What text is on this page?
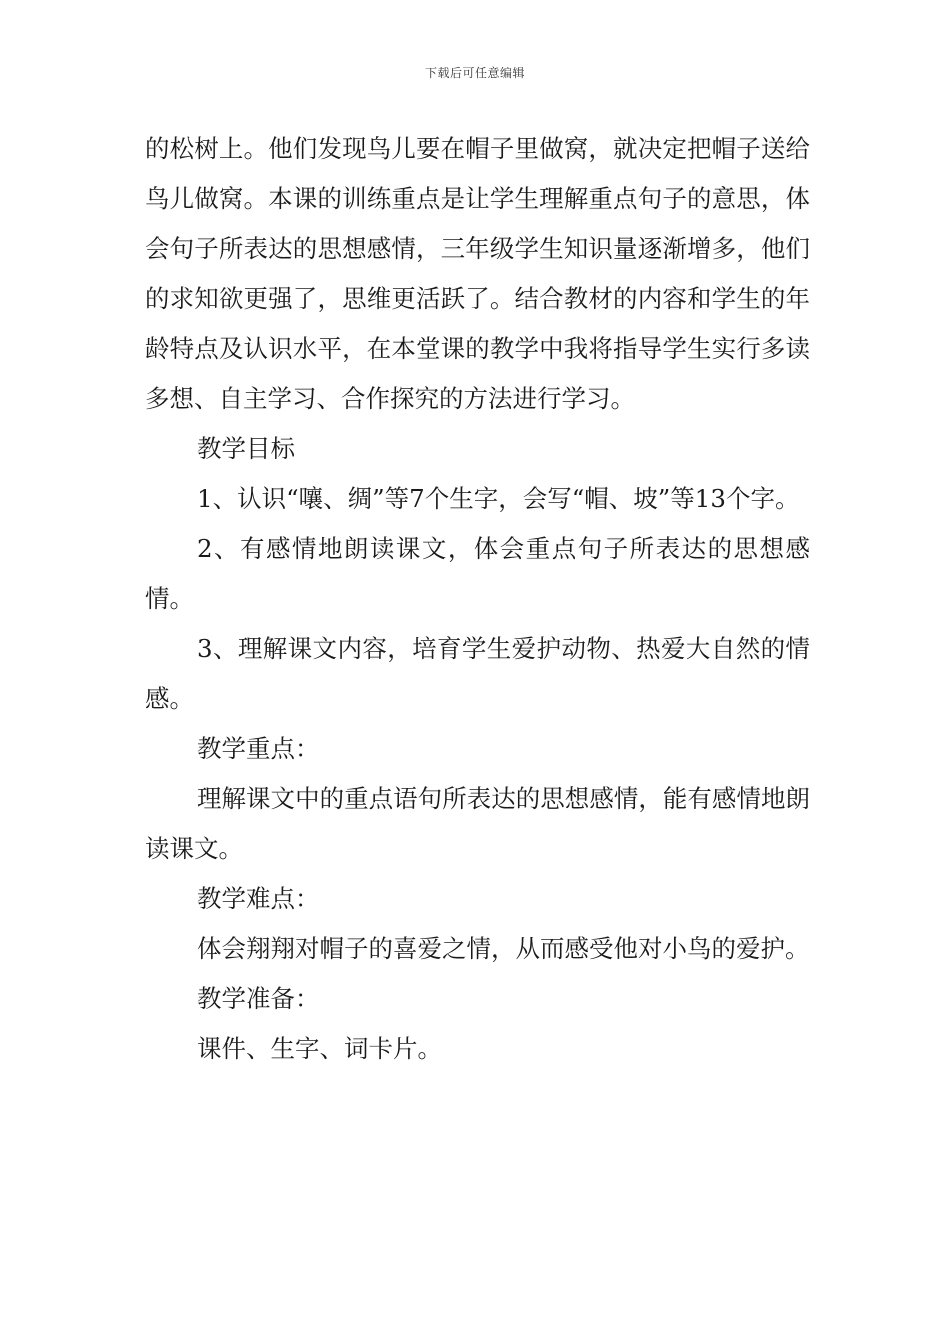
下载后可任意编辑

的松树上。他们发现鸟儿要在帽子里做窝，就决定把帽子送给鸟儿做窝。本课的训练重点是让学生理解重点句子的意思，体会句子所表达的思想感情，三年级学生知识量逐渐增多，他们的求知欲更强了，思维更活跃了。结合教材的内容和学生的年龄特点及认识水平，在本堂课的教学中我将指导学生实行多读多想、自主学习、合作探究的方法进行学习。

教学目标

1、认识“嚷、绸”等7个生字，会写“帽、坡”等13个字。

2、有感情地朗读课文，体会重点句子所表达的思想感情。

3、理解课文内容，培育学生爱护动物、热爱大自然的情感。

教学重点：

理解课文中的重点语句所表达的思想感情，能有感情地朗读课文。

教学难点：

体会翔翔对帽子的喜爱之情，从而感受他对小鸟的爱护。

教学准备：

课件、生字、词卡片。
